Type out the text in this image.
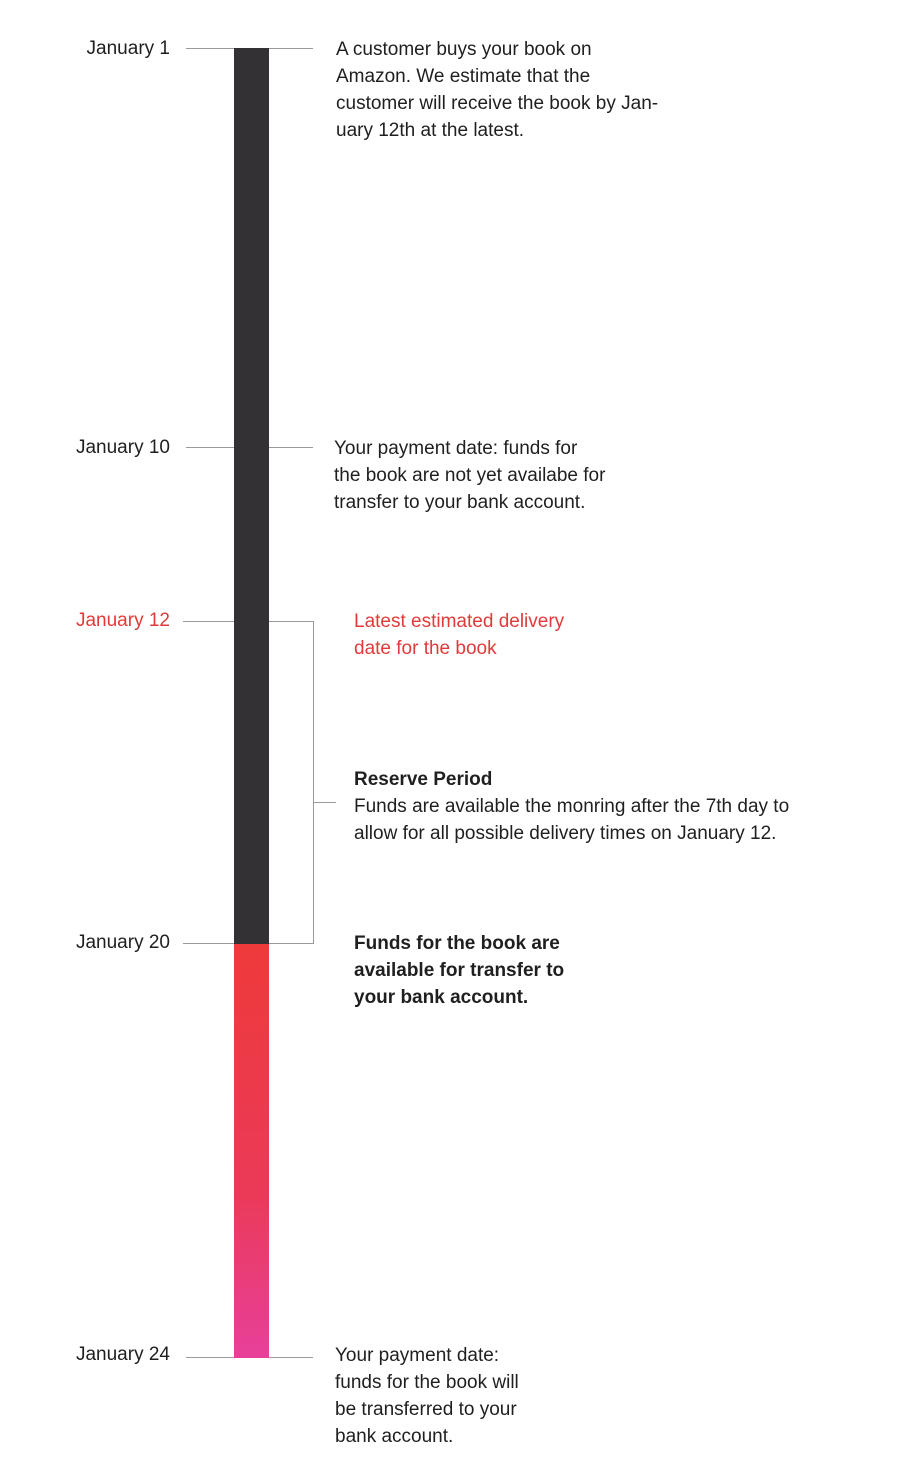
January 1
January 10
January 12
January 20
January 24

A customer buys your book on

Amazon. We estimate that the

customer will receive the book by Jan-

uary 12th at the latest.

Your payment date: funds for

the book are not yet availabe for

transfer to your bank account.

Latest estimated delivery

date for the book

Reserve Period

Funds are available the monring after the 7th day to

allow for all possible delivery times on January 12.

Funds for the book are

available for transfer to

your bank account.

Your payment date:

funds for the book will

be transferred to your

bank account.
